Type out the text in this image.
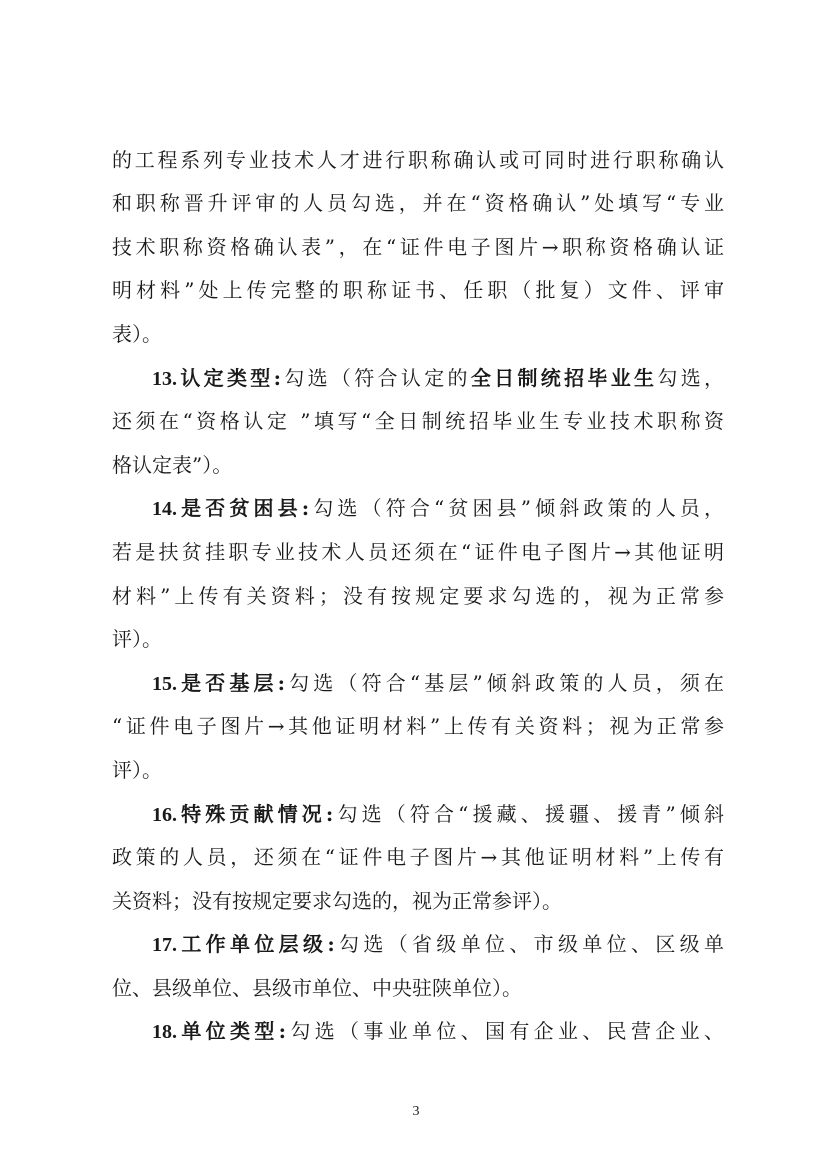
的工程系列专业技术人才进行职称确认或可同时进行职称确认
和职称晋升评审的人员勾选，并在“资格确认”处填写“专业
技术职称资格确认表”，在“证件电子图片→职称资格确认证
明材料”处上传完整的职称证书、任职（批复）文件、评审
表）。
13.认定类型:勾选（符合认定的全日制统招毕业生勾选，
还须在“资格认定 ”填写“全日制统招毕业生专业技术职称资
格认定表”）。
14.是否贫困县:勾选（符合“贫困县”倾斜政策的人员，
若是扶贫挂职专业技术人员还须在“证件电子图片→其他证明
材料”上传有关资料；没有按规定要求勾选的，视为正常参
评）。
15.是否基层:勾选（符合“基层”倾斜政策的人员，须在
“证件电子图片→其他证明材料”上传有关资料；视为正常参
评）。
16.特殊贡献情况:勾选（符合“援藏、援疆、援青”倾斜
政策的人员，还须在“证件电子图片→其他证明材料”上传有
关资料；没有按规定要求勾选的，视为正常参评）。
17.工作单位层级:勾选（省级单位、市级单位、区级单
位、县级单位、县级市单位、中央驻陕单位）。
18.单位类型:勾选（事业单位、国有企业、民营企业、
3
